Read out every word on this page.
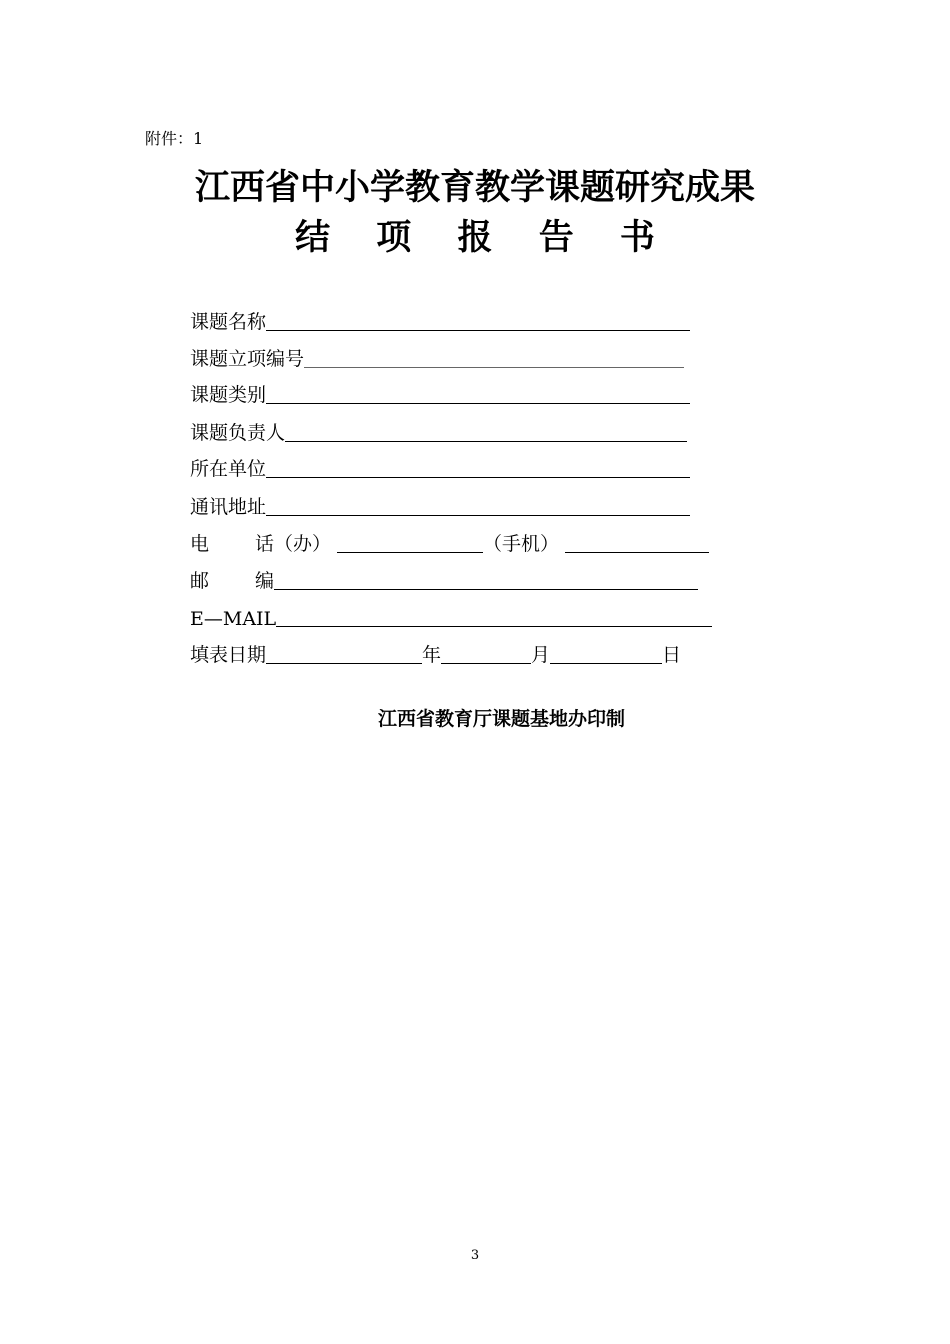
附件：1
江西省中小学教育教学课题研究成果
结 项 报 告 书
课题名称
课题立项编号
课题类别
课题负责人
所在单位
通讯地址
电 话（办）	（手机）
邮 编
E—MAIL
填表日期	年	月	日
江西省教育厅课题基地办印制
3
